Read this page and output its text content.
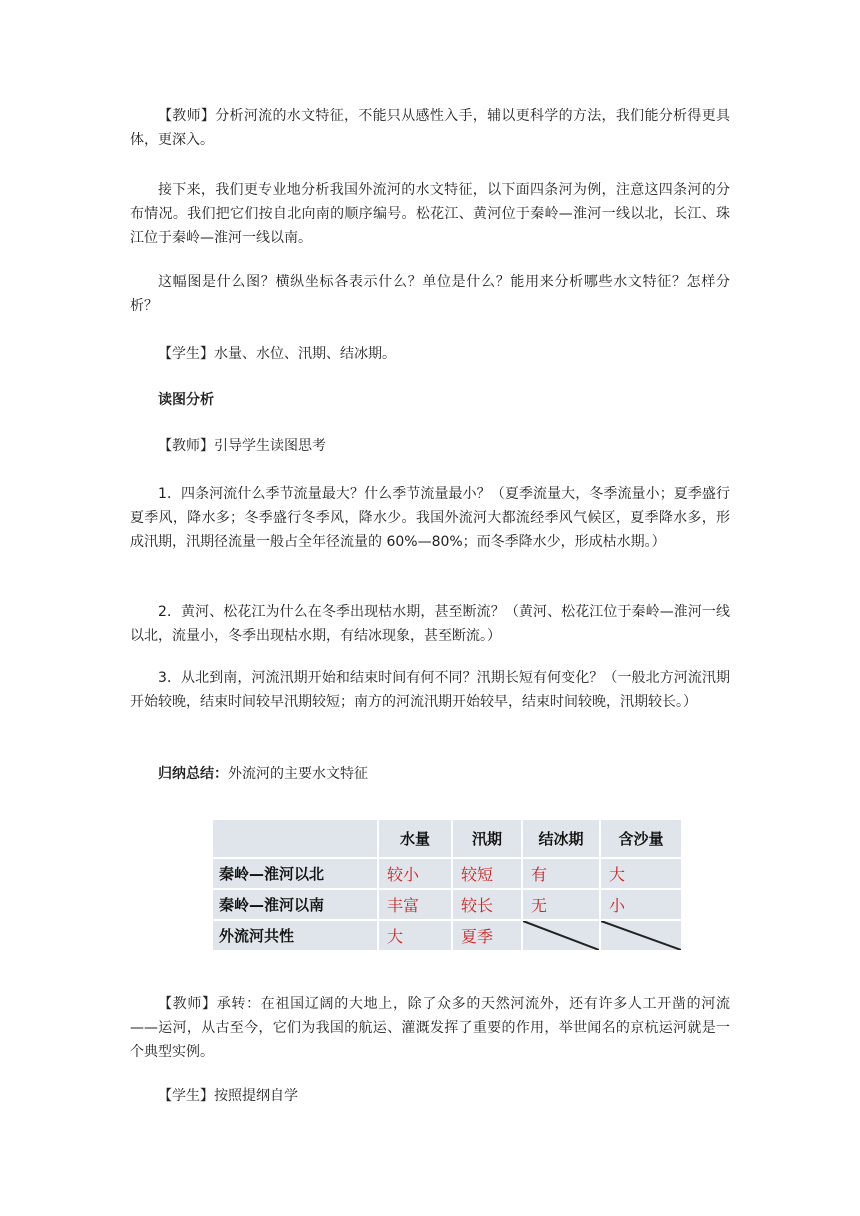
【教师】分析河流的水文特征，不能只从感性入手，辅以更科学的方法，我们能分析得更具体，更深入。

接下来，我们更专业地分析我国外流河的水文特征，以下面四条河为例，注意这四条河的分布情况。我们把它们按自北向南的顺序编号。松花江、黄河位于秦岭—淮河一线以北，长江、珠江位于秦岭—淮河一线以南。

这幅图是什么图？横纵坐标各表示什么？单位是什么？能用来分析哪些水文特征？怎样分析？

【学生】水量、水位、汛期、结冰期。

读图分析

【教师】引导学生读图思考

1．四条河流什么季节流量最大？什么季节流量最小？（夏季流量大，冬季流量小；夏季盛行夏季风，降水多；冬季盛行冬季风，降水少。我国外流河大都流经季风气候区，夏季降水多，形成汛期，汛期径流量一般占全年径流量的 60%—80%；而冬季降水少，形成枯水期。）

2．黄河、松花江为什么在冬季出现枯水期，甚至断流？（黄河、松花江位于秦岭—淮河一线以北，流量小，冬季出现枯水期，有结冰现象，甚至断流。）

3．从北到南，河流汛期开始和结束时间有何不同？汛期长短有何变化？（一般北方河流汛期开始较晚，结束时间较早汛期较短；南方的河流汛期开始较早，结束时间较晚，汛期较长。）

归纳总结：外流河的主要水文特征

【教师】承转：在祖国辽阔的大地上，除了众多的天然河流外，还有许多人工开凿的河流——运河，从古至今，它们为我国的航运、灌溉发挥了重要的作用，举世闻名的京杭运河就是一个典型实例。

【学生】按照提纲自学

	水量	汛期	结冰期	含沙量
秦岭—淮河以北	较小	较短	有	大
秦岭—淮河以南	丰富	较长	无	小
外流河共性	大	夏季	
